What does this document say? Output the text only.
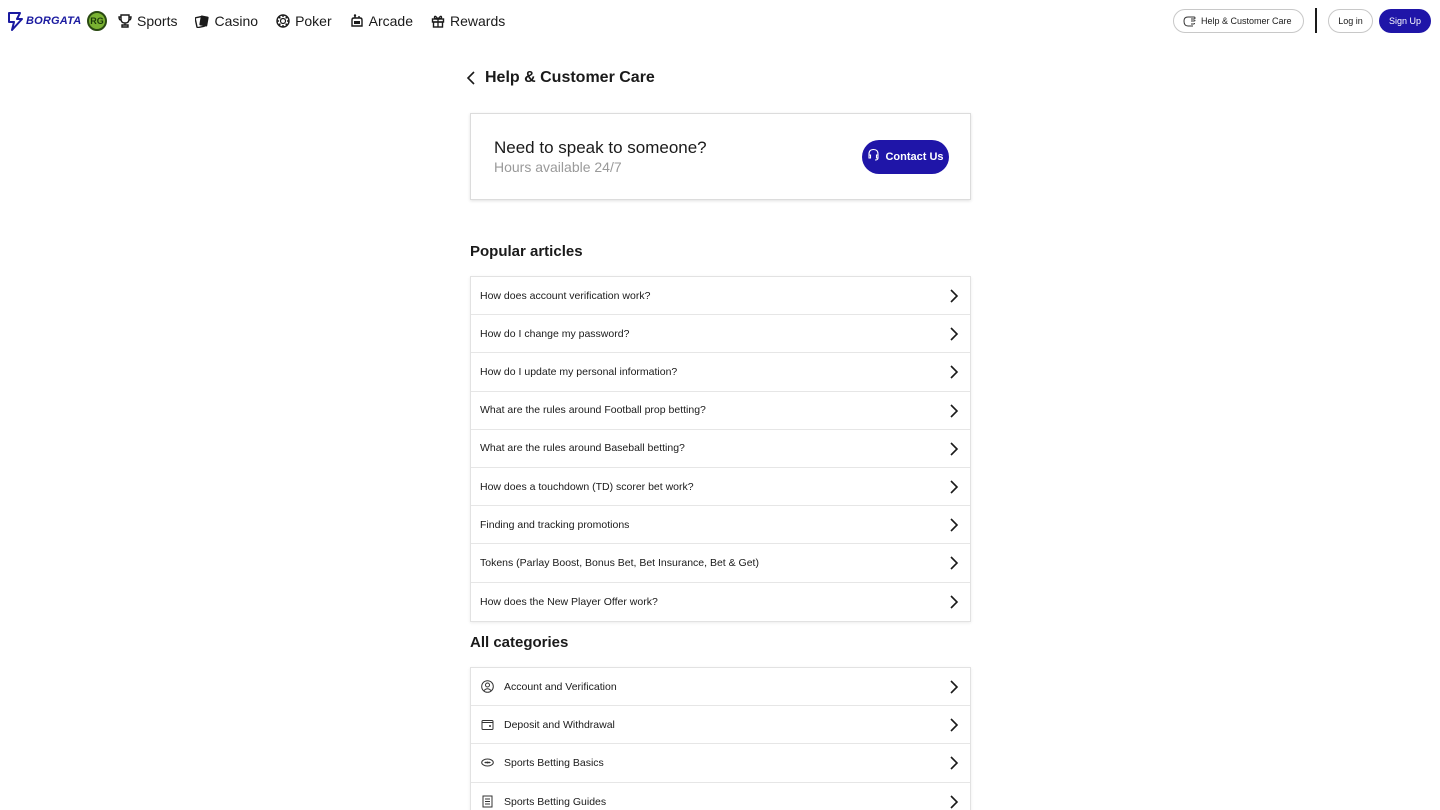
BORGATA RG Sports	Casino	Poker	Arcade	Rewards	Help & Customer Care	Log in	Sign Up
Help & Customer Care
Need to speak to someone?
Hours available 24/7
Contact Us
Popular articles
How does account verification work?
How do I change my password?
How do I update my personal information?
What are the rules around Football prop betting?
What are the rules around Baseball betting?
How does a touchdown (TD) scorer bet work?
Finding and tracking promotions
Tokens (Parlay Boost, Bonus Bet, Bet Insurance, Bet & Get)
How does the New Player Offer work?
All categories
Account and Verification
Deposit and Withdrawal
Sports Betting Basics
Sports Betting Guides
